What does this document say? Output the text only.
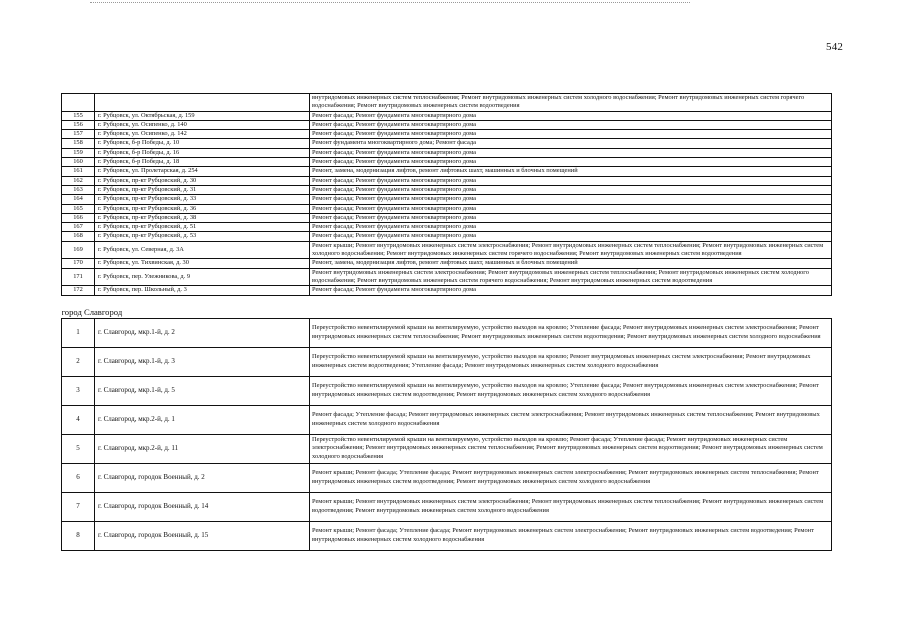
542
		внутридомовых инженерных систем теплоснабжения; Ремонт внутридомовых инженерных систем холодного водоснабжения; Ремонт внутридомовых инженерных систем горячего водоснабжения; Ремонт внутридомовых инженерных систем водоотведения
155	г. Рубцовск, ул. Октябрьская, д. 159	Ремонт фасада; Ремонт фундамента многоквартирного дома
156	г. Рубцовск, ул. Осипенко, д. 140	Ремонт фасада; Ремонт фундамента многоквартирного дома
157	г. Рубцовск, ул. Осипенко, д. 142	Ремонт фасада; Ремонт фундамента многоквартирного дома
158	г. Рубцовск, б-р Победы, д. 10	Ремонт фундамента многоквартирного дома; Ремонт фасада
159	г. Рубцовск, б-р Победы, д. 16	Ремонт фасада; Ремонт фундамента многоквартирного дома
160	г. Рубцовск, б-р Победы, д. 18	Ремонт фасада; Ремонт фундамента многоквартирного дома
161	г. Рубцовск, ул. Пролетарская, д. 254	Ремонт, замена, модернизация лифтов, ремонт лифтовых шахт, машинных и блочных помещений
162	г. Рубцовск, пр-кт Рубцовский, д. 30	Ремонт фасада; Ремонт фундамента многоквартирного дома
163	г. Рубцовск, пр-кт Рубцовский, д. 31	Ремонт фасада; Ремонт фундамента многоквартирного дома
164	г. Рубцовск, пр-кт Рубцовский, д. 33	Ремонт фасада; Ремонт фундамента многоквартирного дома
165	г. Рубцовск, пр-кт Рубцовский, д. 36	Ремонт фасада; Ремонт фундамента многоквартирного дома
166	г. Рубцовск, пр-кт Рубцовский, д. 38	Ремонт фасада; Ремонт фундамента многоквартирного дома
167	г. Рубцовск, пр-кт Рубцовский, д. 51	Ремонт фасада; Ремонт фундамента многоквартирного дома
168	г. Рубцовск, пр-кт Рубцовский, д. 53	Ремонт фасада; Ремонт фундамента многоквартирного дома
169	г. Рубцовск, ул. Северная, д. 3А	Ремонт крыши; Ремонт внутридомовых инженерных систем электроснабжения; Ремонт внутридомовых инженерных систем теплоснабжения; Ремонт внутридомовых инженерных систем холодного водоснабжения; Ремонт внутридомовых инженерных систем горячего водоснабжения; Ремонт внутридомовых инженерных систем водоотведения
170	г. Рубцовск, ул. Тихвинская, д. 30	Ремонт, замена, модернизация лифтов, ремонт лифтовых шахт, машинных и блочных помещений
171	г. Рубцовск, пер. Улежникова, д. 9	Ремонт внутридомовых инженерных систем электроснабжения; Ремонт внутридомовых инженерных систем теплоснабжения; Ремонт внутридомовых инженерных систем холодного водоснабжения; Ремонт внутридомовых инженерных систем горячего водоснабжения; Ремонт внутридомовых инженерных систем водоотведения
172	г. Рубцовск, пер. Школьный, д. 3	Ремонт фасада; Ремонт фундамента многоквартирного дома
город Славгород		
1	г. Славгород, мкр.1-й, д. 2	Переустройство невентилируемой крыши на вентилируемую, устройство выходов на кровлю; Утепление фасада; Ремонт внутридомовых инженерных систем электроснабжения; Ремонт внутридомовых инженерных систем теплоснабжения; Ремонт внутридомовых инженерных систем водоотведения; Ремонт внутридомовых инженерных систем холодного водоснабжения
2	г. Славгород, мкр.1-й, д. 3	Переустройство невентилируемой крыши на вентилируемую, устройство выходов на кровлю; Ремонт внутридомовых инженерных систем электроснабжения; Ремонт внутридомовых инженерных систем водоотведения; Утепление фасада; Ремонт внутридомовых инженерных систем холодного водоснабжения
3	г. Славгород, мкр.1-й, д. 5	Переустройство невентилируемой крыши на вентилируемую, устройство выходов на кровлю; Утепление фасада; Ремонт внутридомовых инженерных систем электроснабжения; Ремонт внутридомовых инженерных систем водоотведения; Ремонт внутридомовых инженерных систем холодного водоснабжения
4	г. Славгород, мкр.2-й, д. 1	Ремонт фасада; Утепление фасада; Ремонт внутридомовых инженерных систем электроснабжения; Ремонт внутридомовых инженерных систем теплоснабжения; Ремонт внутридомовых инженерных систем холодного водоснабжения
5	г. Славгород, мкр.2-й, д. 11	Переустройство невентилируемой крыши на вентилируемую, устройство выходов на кровлю; Ремонт фасада; Утепление фасада; Ремонт внутридомовых инженерных систем электроснабжения; Ремонт внутридомовых инженерных систем теплоснабжения; Ремонт внутридомовых инженерных систем водоотведения; Ремонт внутридомовых инженерных систем холодного водоснабжения
6	г. Славгород, городок Военный, д. 2	Ремонт крыши; Ремонт фасада; Утепление фасада; Ремонт внутридомовых инженерных систем электроснабжения; Ремонт внутридомовых инженерных систем теплоснабжения; Ремонт внутридомовых инженерных систем водоотведения; Ремонт внутридомовых инженерных систем холодного водоснабжения
7	г. Славгород, городок Военный, д. 14	Ремонт крыши; Ремонт внутридомовых инженерных систем электроснабжения; Ремонт внутридомовых инженерных систем теплоснабжения; Ремонт внутридомовых инженерных систем водоотведения; Ремонт внутридомовых инженерных систем холодного водоснабжения
8	г. Славгород, городок Военный, д. 15	Ремонт крыши; Ремонт фасада; Утепление фасада; Ремонт внутридомовых инженерных систем электроснабжения; Ремонт внутридомовых инженерных систем водоотведения; Ремонт внутридомовых инженерных систем холодного водоснабжения
